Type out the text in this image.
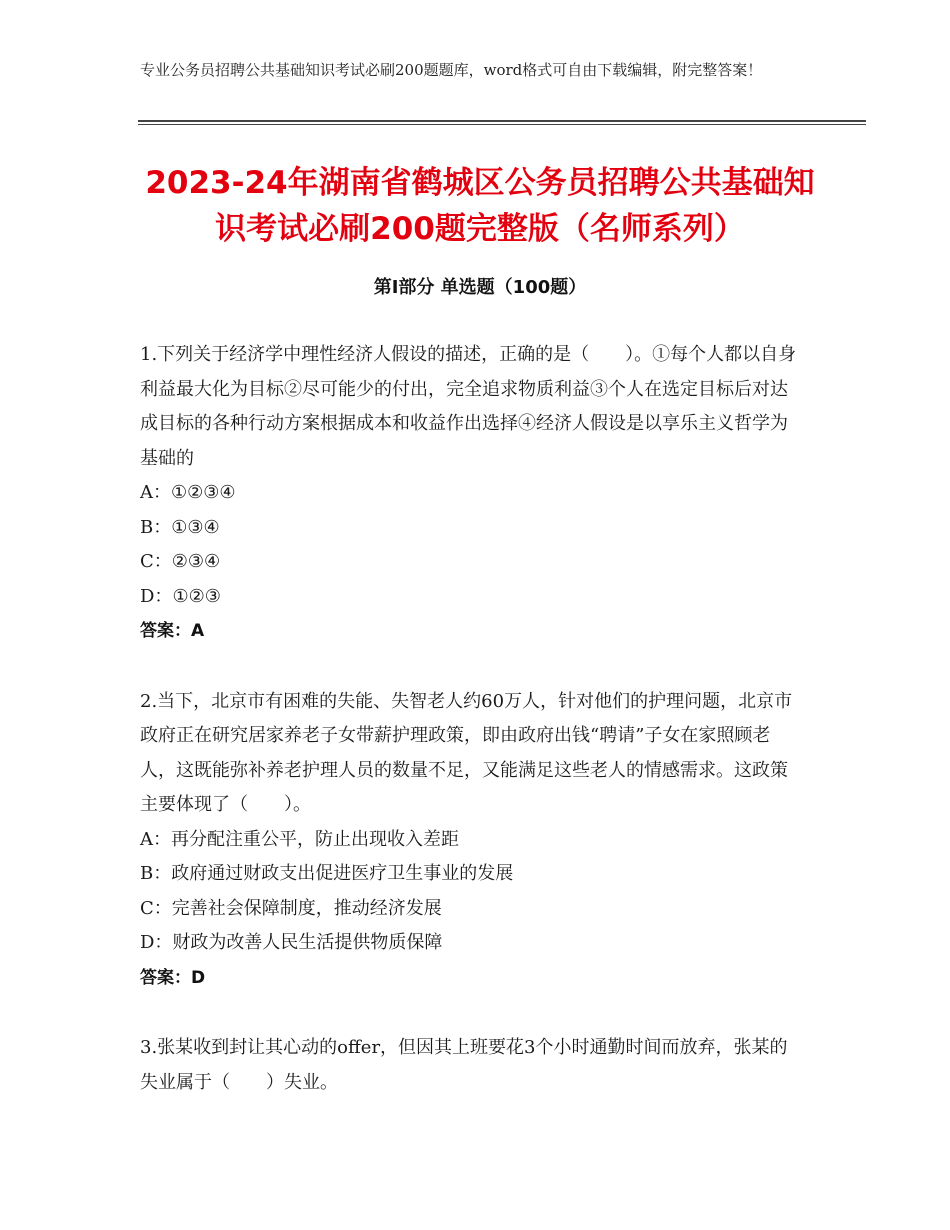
专业公务员招聘公共基础知识考试必刷200题题库，word格式可自由下载编辑，附完整答案！
2023-24年湖南省鹤城区公务员招聘公共基础知识考试必刷200题完整版（名师系列）
第Ⅰ部分 单选题（100题）
1.下列关于经济学中理性经济人假设的描述，正确的是（　　）。①每个人都以自身利益最大化为目标②尽可能少的付出，完全追求物质利益③个人在选定目标后对达成目标的各种行动方案根据成本和收益作出选择④经济人假设是以享乐主义哲学为基础的
A： ①②③④
B： ①③④
C： ②③④
D： ①②③
答案：A
2.当下，北京市有困难的失能、失智老人约60万人，针对他们的护理问题，北京市政府正在研究居家养老子女带薪护理政策，即由政府出钱“聘请”子女在家照顾老人，这既能弥补养老护理人员的数量不足，又能满足这些老人的情感需求。这政策主要体现了（　　）。
A： 再分配注重公平，防止出现收入差距
B： 政府通过财政支出促进医疗卫生事业的发展
C： 完善社会保障制度，推动经济发展
D： 财政为改善人民生活提供物质保障
答案：D
3.张某收到封让其心动的offer，但因其上班要花3个小时通勤时间而放弃，张某的失业属于（　　）失业。
